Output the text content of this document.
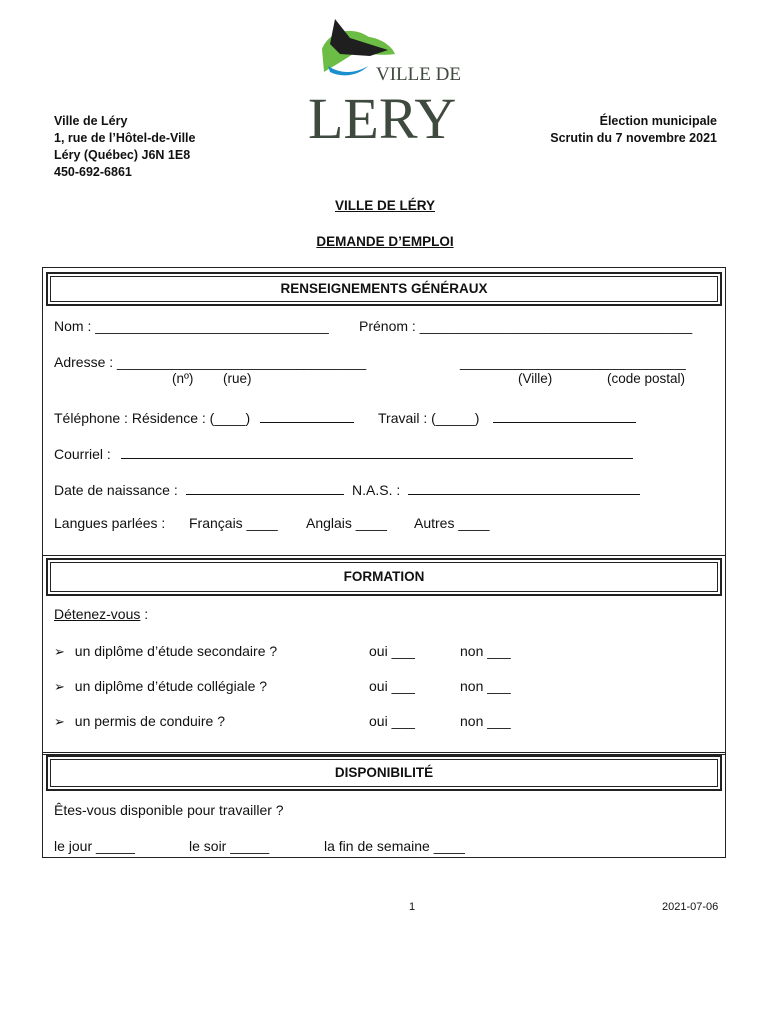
Ville de Léry
1, rue de l’Hôtel-de-Ville
Léry (Québec) J6N 1E8
450-692-6861
VILLE DE
LERY	Élection municipale
Scrutin du 7 novembre 2021
VILLE DE LÉRY
DEMANDE D’EMPLOI
RENSEIGNEMENTS GÉNÉRAUX
Nom : ______________________________ Prénom : ___________________________________
Adresse : ________________________________	_____________________________
(nº) (rue)	(Ville)	(code postal)
Téléphone : Résidence : (____)	Travail : (_____)
Courriel :
Date de naissance :	N.A.S. :
Langues parlées : Français ____ Anglais ____ Autres ____
FORMATION
Détenez-vous :
➢ un diplôme d’étude secondaire ?	oui ___	non ___
➢ un diplôme d’étude collégiale ?	oui ___	non ___
➢ un permis de conduire ?	oui ___	non ___
DISPONIBILITÉ
Êtes-vous disponible pour travailler ?
le jour _____	le soir _____	la fin de semaine ____
1	2021-07-06
